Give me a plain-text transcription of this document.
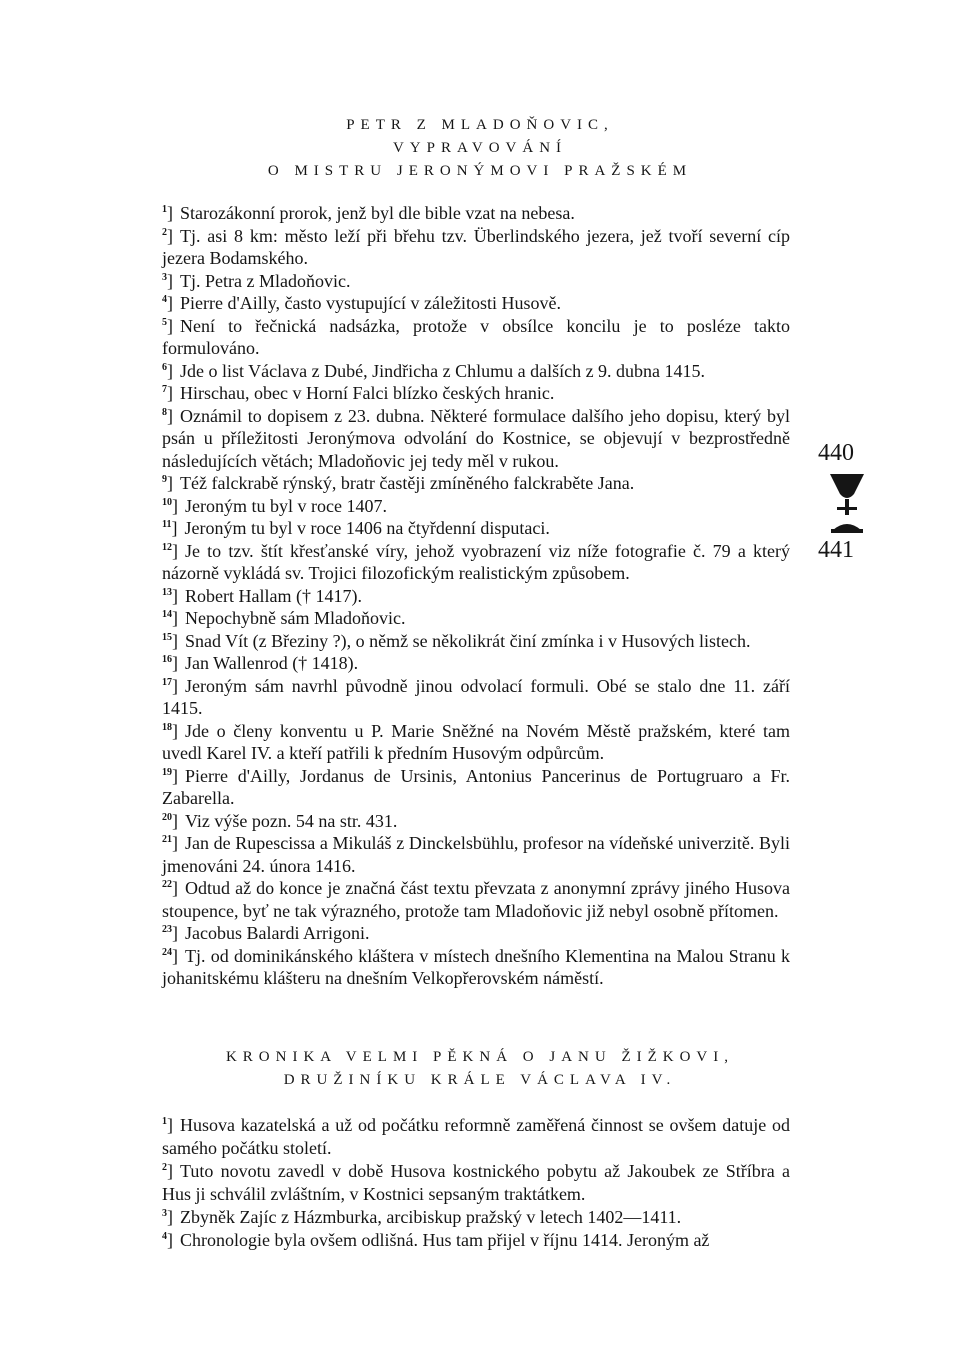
PETR Z MLADOŇOVIC,
VYPRAVOVÁNÍ
O MISTRU JERONÝMOVI PRAŽSKÉM

$^1$] Starozákonní prorok, jenž byl dle bible vzat na nebesa.

$^2$] Tj. asi 8 km: město leží při břehu tzv. Überlindského jezera, jež tvoří severní cíp jezera Bodamského.

$^3$] Tj. Petra z Mladoňovic.

$^4$] Pierre d'Ailly, často vystupující v záležitosti Husově.

$^5$] Není to řečnická nadsázka, protože v obsílce koncilu je to posléze takto formulováno.

$^6$] Jde o list Václava z Dubé, Jindřicha z Chlumu a dalších z 9. dubna 1415.

$^7$] Hirschau, obec v Horní Falci blízko českých hranic.

$^8$] Oznámil to dopisem z 23. dubna. Některé formulace dalšího jeho dopisu, který byl psán u příležitosti Jeronýmova odvolání do Kostnice, se objevují v bezprostředně následujících větách; Mladoňovic jej tedy měl v rukou.

$^9$] Též falckrabě rýnský, bratr častěji zmíněného falckraběte Jana.

$^{10}$] Jeroným tu byl v roce 1407.

$^{11}$] Jeroným tu byl v roce 1406 na čtyřdenní disputaci.

$^{12}$] Je to tzv. štít křesťanské víry, jehož vyobrazení viz níže fotografie č. 79 a který názorně vykládá sv. Trojici filozofickým realistickým způsobem.

$^{13}$] Robert Hallam († 1417).

$^{14}$] Nepochybně sám Mladoňovic.

$^{15}$] Snad Vít (z Březiny ?), o němž se několikrát činí zmínka i v Husových listech.

$^{16}$] Jan Wallenrod († 1418).

$^{17}$] Jeroným sám navrhl původně jinou odvolací formuli. Obé se stalo dne 11. září 1415.

$^{18}$] Jde o členy konventu u P. Marie Sněžné na Novém Městě pražském, které tam uvedl Karel IV. a kteří patřili k předním Husovým odpůrcům.

$^{19}$] Pierre d'Ailly, Jordanus de Ursinis, Antonius Pancerinus de Portugruaro a Fr. Zabarella.

$^{20}$] Viz výše pozn. 54 na str. 431.

$^{21}$] Jan de Rupescissa a Mikuláš z Dinckelsbühlu, profesor na vídeňské univerzitě. Byli jmenováni 24. února 1416.

$^{22}$] Odtud až do konce je značná část textu převzata z anonymní zprávy jiného Husova stoupence, byť ne tak výrazného, protože tam Mladoňovic již nebyl osobně přítomen.

$^{23}$] Jacobus Balardi Arrigoni.

$^{24}$] Tj. od dominikánského kláštera v místech dnešního Klementina na Malou Stranu k johanitskému klášteru na dnešním Velkopřerovském náměstí.

440
441
KRONIKA VELMI PĚKNÁ O JANU ŽIŽKOVI,
DRUŽINÍKU KRÁLE VÁCLAVA IV.

$^1$] Husova kazatelská a už od počátku reformně zaměřená činnost se ovšem datuje od samého počátku století.

$^2$] Tuto novotu zavedl v době Husova kostnického pobytu až Jakoubek ze Stříbra a Hus ji schválil zvláštním, v Kostnici sepsaným traktátkem.

$^3$] Zbyněk Zajíc z Házmburka, arcibiskup pražský v letech 1402—1411.

$^4$] Chronologie byla ovšem odlišná. Hus tam přijel v říjnu 1414. Jeroným až
